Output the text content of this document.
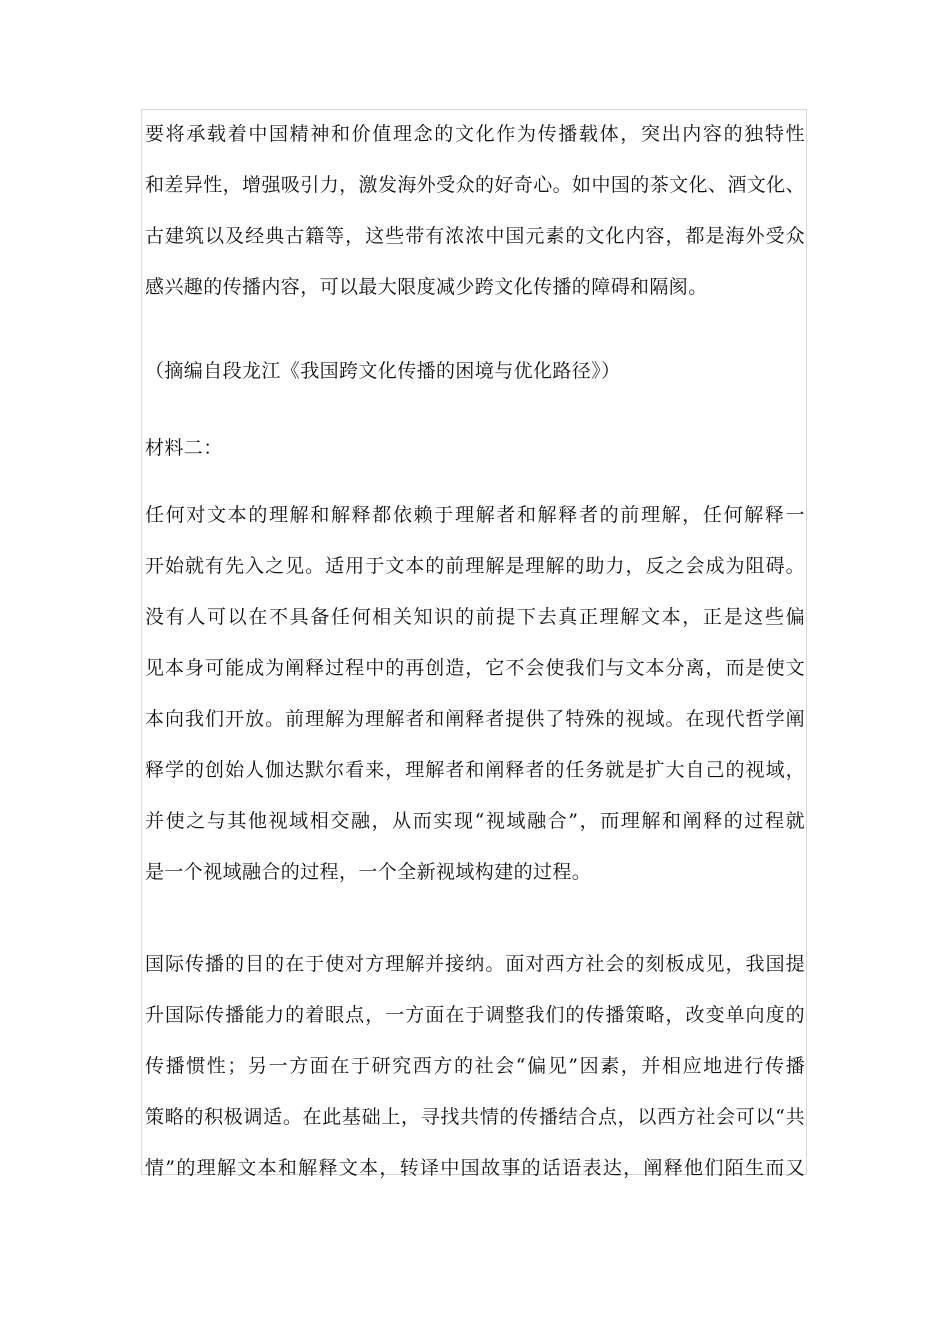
要将承载着中国精神和价值理念的文化作为传播载体，突出内容的独特性
和差异性，增强吸引力，激发海外受众的好奇心。如中国的茶文化、酒文化、
古建筑以及经典古籍等，这些带有浓浓中国元素的文化内容，都是海外受众
感兴趣的传播内容，可以最大限度减少跨文化传播的障碍和隔阂。
（摘编自段龙江《我国跨文化传播的困境与优化路径》）
材料二：
任何对文本的理解和解释都依赖于理解者和解释者的前理解，任何解释一
开始就有先入之见。适用于文本的前理解是理解的助力，反之会成为阻碍。
没有人可以在不具备任何相关知识的前提下去真正理解文本，正是这些偏
见本身可能成为阐释过程中的再创造，它不会使我们与文本分离，而是使文
本向我们开放。前理解为理解者和阐释者提供了特殊的视域。在现代哲学阐
释学的创始人伽达默尔看来，理解者和阐释者的任务就是扩大自己的视域，
并使之与其他视域相交融，从而实现“视域融合”，而理解和阐释的过程就
是一个视域融合的过程，一个全新视域构建的过程。
国际传播的目的在于使对方理解并接纳。面对西方社会的刻板成见，我国提
升国际传播能力的着眼点，一方面在于调整我们的传播策略，改变单向度的
传播惯性；另一方面在于研究西方的社会“偏见”因素，并相应地进行传播
策略的积极调适。在此基础上，寻找共情的传播结合点，以西方社会可以“共
情”的理解文本和解释文本，转译中国故事的话语表达，阐释他们陌生而又
